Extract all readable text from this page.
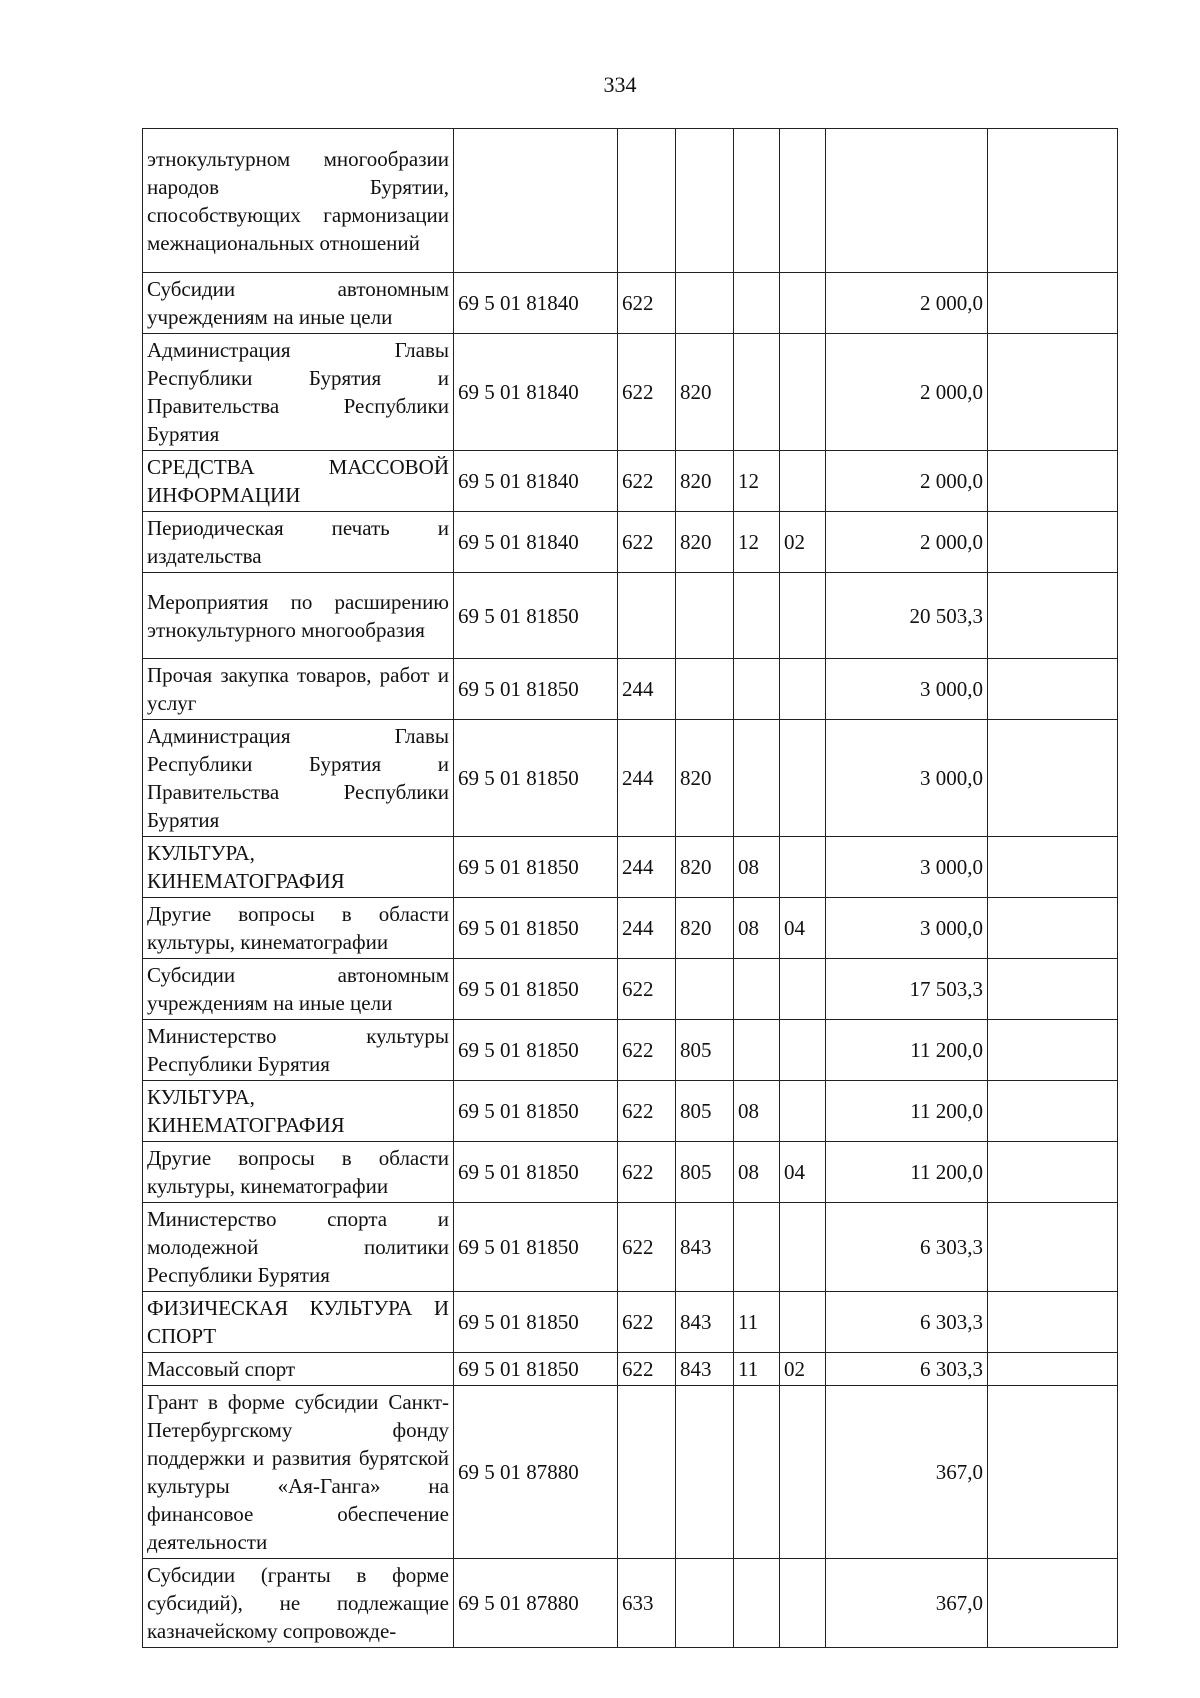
334
этнокультурном многообразии народов Бурятии, способствующих гармонизации межнациональных отношений							
Субсидии автономным учреждениям на иные цели	69 5 01 81840	622				2 000,0	
Администрация Главы Республики Бурятия и Правительства Республики Бурятия	69 5 01 81840	622	820			2 000,0	
СРЕДСТВА МАССОВОЙ ИНФОРМАЦИИ	69 5 01 81840	622	820	12		2 000,0	
Периодическая печать и издательства	69 5 01 81840	622	820	12	02	2 000,0	
Мероприятия по расширению этнокультурного многообразия	69 5 01 81850					20 503,3	
Прочая закупка товаров, работ и услуг	69 5 01 81850	244				3 000,0	
Администрация Главы Республики Бурятия и Правительства Республики Бурятия	69 5 01 81850	244	820			3 000,0	
КУЛЬТУРА, КИНЕМАТОГРАФИЯ	69 5 01 81850	244	820	08		3 000,0	
Другие вопросы в области культуры, кинематографии	69 5 01 81850	244	820	08	04	3 000,0	
Субсидии автономным учреждениям на иные цели	69 5 01 81850	622				17 503,3	
Министерство культуры Республики Бурятия	69 5 01 81850	622	805			11 200,0	
КУЛЬТУРА, КИНЕМАТОГРАФИЯ	69 5 01 81850	622	805	08		11 200,0	
Другие вопросы в области культуры, кинематографии	69 5 01 81850	622	805	08	04	11 200,0	
Министерство спорта и молодежной политики Республики Бурятия	69 5 01 81850	622	843			6 303,3	
ФИЗИЧЕСКАЯ КУЛЬТУРА И СПОРТ	69 5 01 81850	622	843	11		6 303,3	
Массовый спорт	69 5 01 81850	622	843	11	02	6 303,3	
Грант в форме субсидии Санкт-Петербургскому фонду поддержки и развития бурятской культуры «Ая-Ганга» на финансовое обеспечение деятельности	69 5 01 87880					367,0	
Субсидии (гранты в форме субсидий), не подлежащие казначейскому сопровожде-	69 5 01 87880	633				367,0	
